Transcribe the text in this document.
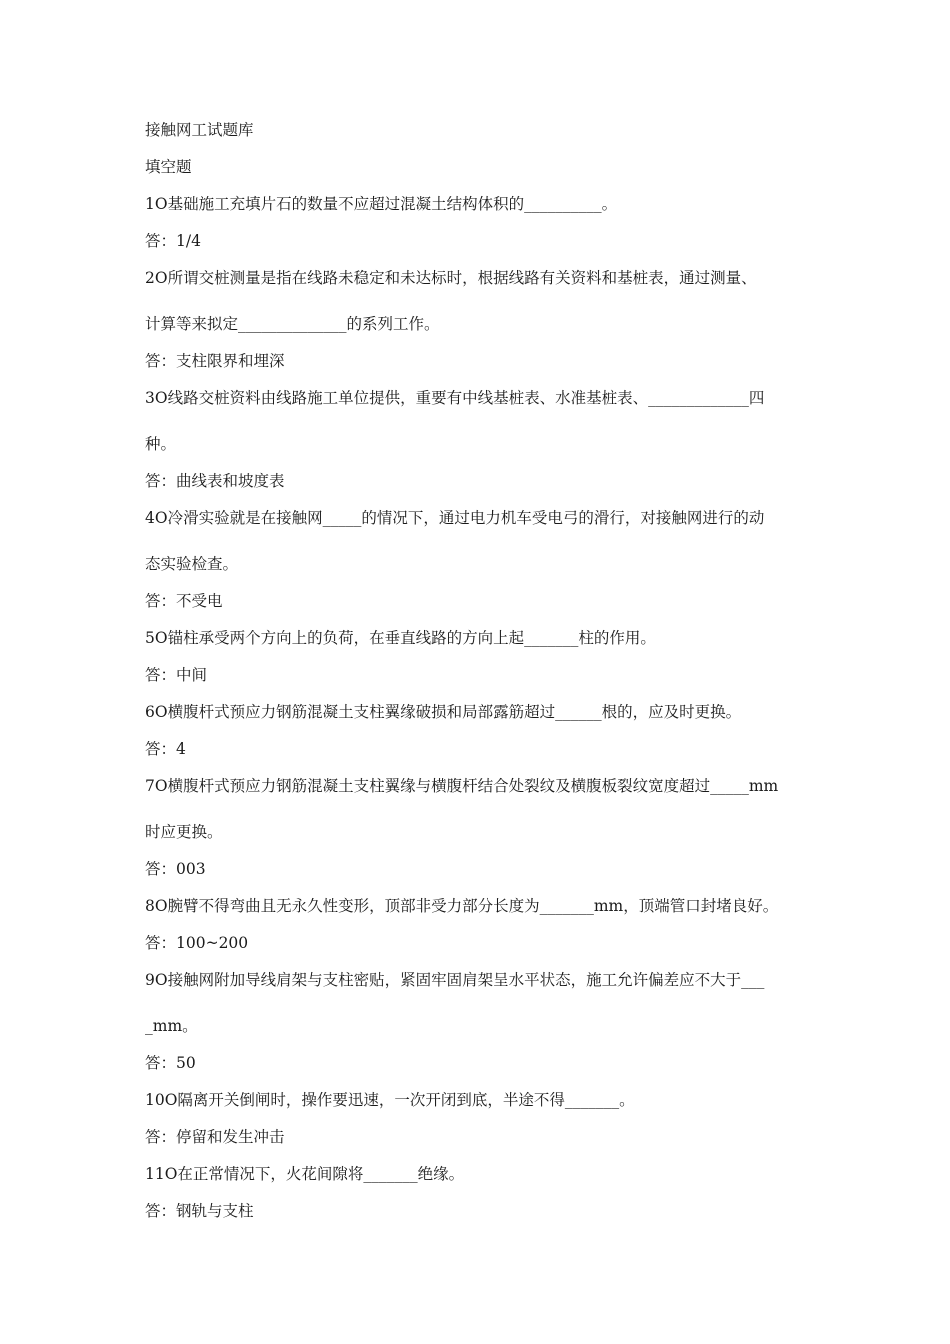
接触网工试题库

填空题

1O基础施工充填片石的数量不应超过混凝土结构体积的__________。

答：1/4

2O所谓交桩测量是指在线路未稳定和未达标时，根据线路有关资料和基桩表，通过测量、

计算等来拟定______________的系列工作。

答：支柱限界和埋深

3O线路交桩资料由线路施工单位提供，重要有中线基桩表、水准基桩表、_____________四

种。

答：曲线表和坡度表

4O冷滑实验就是在接触网_____的情况下，通过电力机车受电弓的滑行，对接触网进行的动

态实验检查。

答：不受电

5O锚柱承受两个方向上的负荷，在垂直线路的方向上起_______柱的作用。

答：中间

6O横腹杆式预应力钢筋混凝土支柱翼缘破损和局部露筋超过______根的，应及时更换。

答：4

7O横腹杆式预应力钢筋混凝土支柱翼缘与横腹杆结合处裂纹及横腹板裂纹宽度超过_____mm

时应更换。

答：003

8O腕臂不得弯曲且无永久性变形，顶部非受力部分长度为_______mm，顶端管口封堵良好。

答：100~200

9O接触网附加导线肩架与支柱密贴，紧固牢固肩架呈水平状态，施工允许偏差应不大于___

_mm。

答：50

10O隔离开关倒闸时，操作要迅速，一次开闭到底，半途不得_______。

答：停留和发生冲击

11O在正常情况下，火花间隙将_______绝缘。

答：钢轨与支柱
